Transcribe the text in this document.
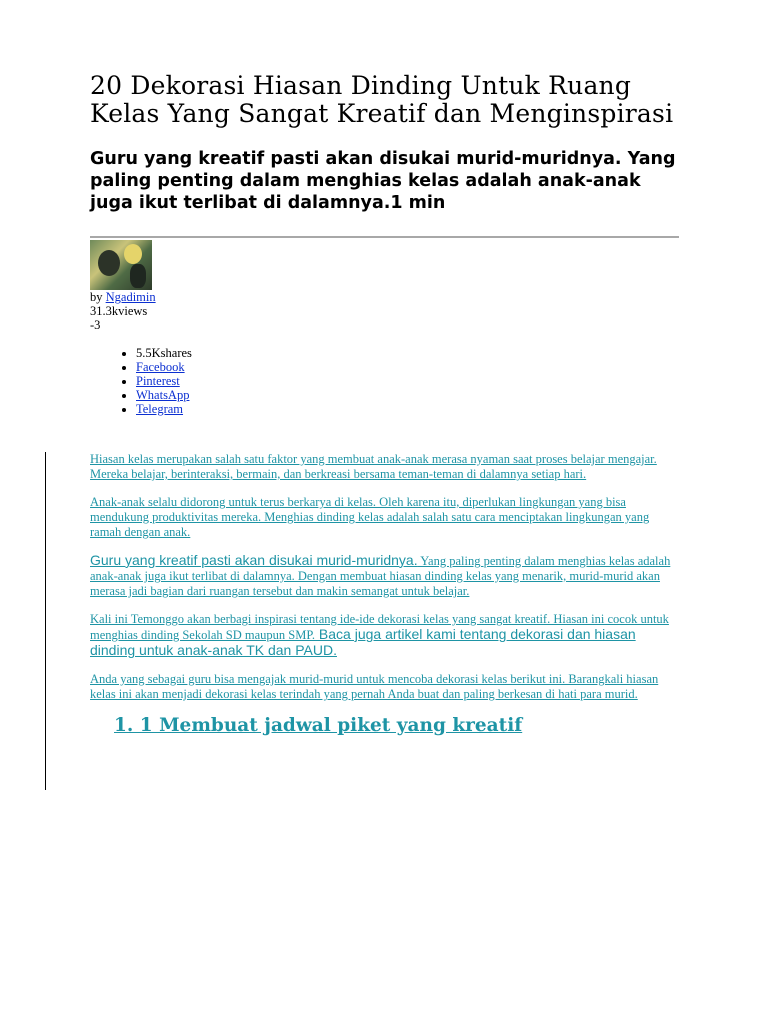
20 Dekorasi Hiasan Dinding Untuk Ruang Kelas Yang Sangat Kreatif dan Menginspirasi
Guru yang kreatif pasti akan disukai murid-muridnya. Yang paling penting dalam menghias kelas adalah anak-anak juga ikut terlibat di dalamnya.1 min

by Ngadimin

31.3kviews

-3

• 5.5Kshares
• Facebook
• Pinterest
• WhatsApp
• Telegram

Hiasan kelas merupakan salah satu faktor yang membuat anak-anak merasa nyaman saat proses belajar mengajar. Mereka belajar, berinteraksi, bermain, dan berkreasi bersama teman-teman di dalamnya setiap hari.

Anak-anak selalu didorong untuk terus berkarya di kelas. Oleh karena itu, diperlukan lingkungan yang bisa mendukung produktivitas mereka. Menghias dinding kelas adalah salah satu cara menciptakan lingkungan yang ramah dengan anak.

Guru yang kreatif pasti akan disukai murid-muridnya. Yang paling penting dalam menghias kelas adalah anak-anak juga ikut terlibat di dalamnya. Dengan membuat hiasan dinding kelas yang menarik, murid-murid akan merasa jadi bagian dari ruangan tersebut dan makin semangat untuk belajar.

Kali ini Temonggo akan berbagi inspirasi tentang ide-ide dekorasi kelas yang sangat kreatif. Hiasan ini cocok untuk menghias dinding Sekolah SD maupun SMP. Baca juga artikel kami tentang dekorasi dan hiasan dinding untuk anak-anak TK dan PAUD.

Anda yang sebagai guru bisa mengajak murid-murid untuk mencoba dekorasi kelas berikut ini. Barangkali hiasan kelas ini akan menjadi dekorasi kelas terindah yang pernah Anda buat dan paling berkesan di hati para murid.

1. 1 Membuat jadwal piket yang kreatif
